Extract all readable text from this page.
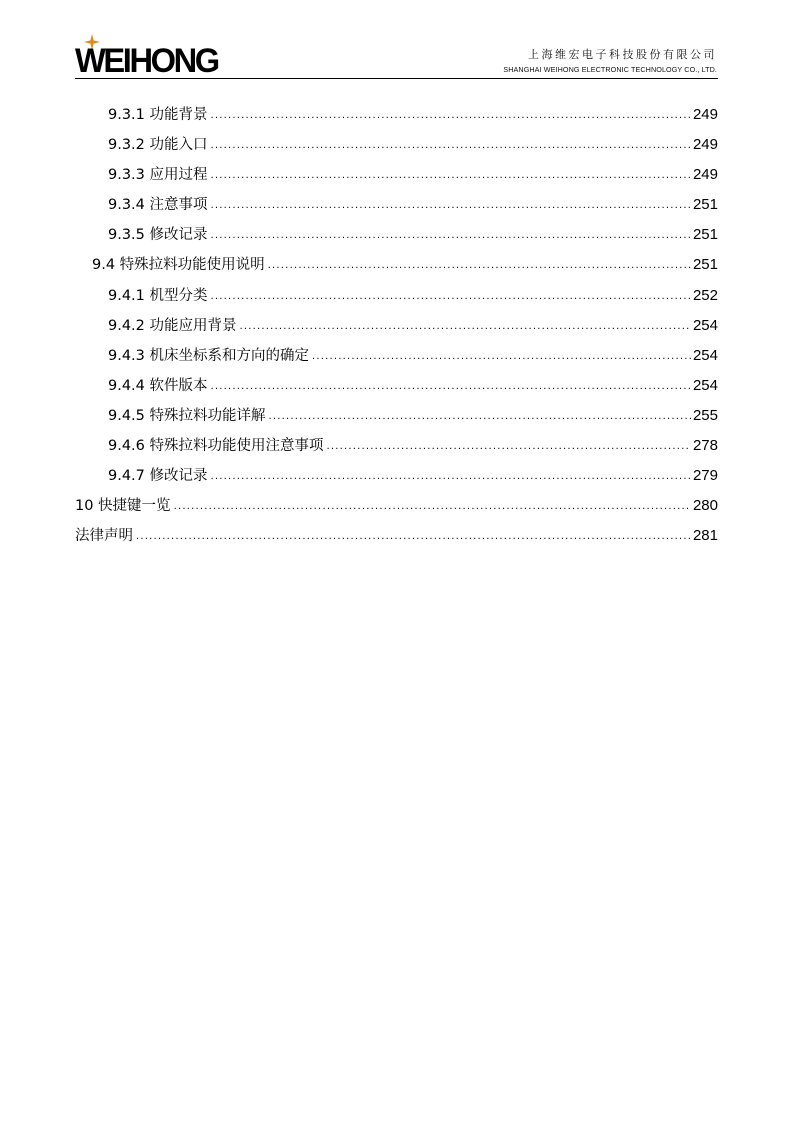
WEIHONG	上海维宏电子科技股份有限公司
SHANGHAI WEIHONG ELECTRONIC TECHNOLOGY CO., LTD.
9.3.1 功能背景 .....	249
9.3.2 功能入口 .....	249
9.3.3 应用过程 .....	249
9.3.4 注意事项 .....	251
9.3.5 修改记录 .....	251
9.4 特殊拉料功能使用说明 .....	251
9.4.1 机型分类 .....	252
9.4.2 功能应用背景 .....	254
9.4.3 机床坐标系和方向的确定 .....	254
9.4.4 软件版本 .....	254
9.4.5 特殊拉料功能详解 .....	255
9.4.6 特殊拉料功能使用注意事项 .....	278
9.4.7 修改记录 .....	279
10 快捷键一览 .....	280
法律声明 .....	281
